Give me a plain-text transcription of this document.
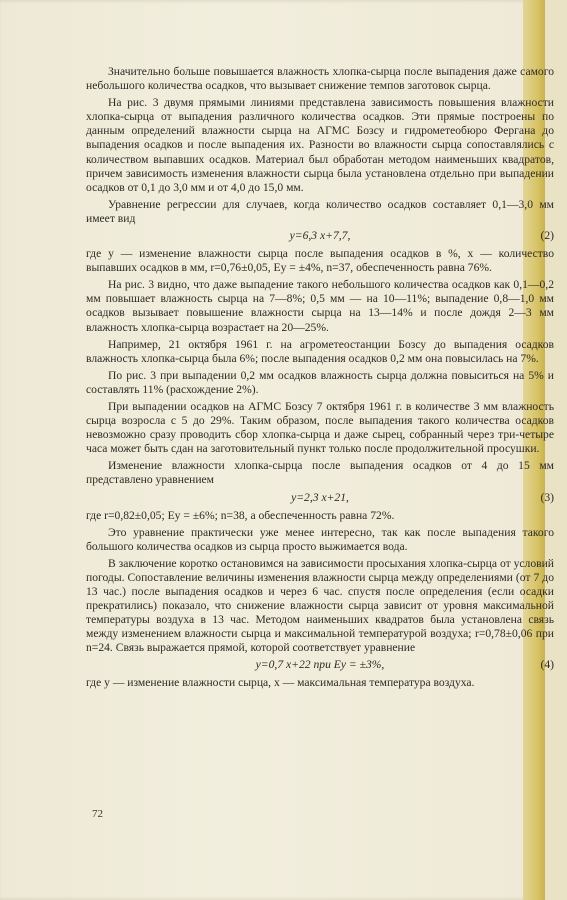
Значительно больше повышается влажность хлопка-сырца после выпадения даже самого небольшого количества осадков, что вызывает снижение темпов заготовок сырца.

На рис. 3 двумя прямыми линиями представлена зависимость повышения влажности хлопка-сырца от выпадения различного количества осадков. Эти прямые построены по данным определений влажности сырца на АГМС Бозсу и гидрометеобюро Фергана до выпадения осадков и после выпадения их. Разности во влажности сырца сопоставлялись с количеством выпавших осадков. Материал был обработан методом наименьших квадратов, причем зависимость изменения влажности сырца была установлена отдельно при выпадении осадков от 0,1 до 3,0 мм и от 4,0 до 15,0 мм.

Уравнение регрессии для случаев, когда количество осадков составляет 0,1—3,0 мм имеет вид

y=6,3 x+7,7,	(2)

где y — изменение влажности сырца после выпадения осадков в %, x — количество выпавших осадков в мм, r=0,76±0,05, Ey = ±4%, n=37, обеспеченность равна 76%.

На рис. 3 видно, что даже выпадение такого небольшого количества осадков как 0,1—0,2 мм повышает влажность сырца на 7—8%; 0,5 мм — на 10—11%; выпадение 0,8—1,0 мм осадков вызывает повышение влажности сырца на 13—14% и после дождя 2—3 мм влажность хлопка-сырца возрастает на 20—25%.

Например, 21 октября 1961 г. на агрометеостанции Бозсу до выпадения осадков влажность хлопка-сырца была 6%; после выпадения осадков 0,2 мм она повысилась на 7%.

По рис. 3 при выпадении 0,2 мм осадков влажность сырца должна повыситься на 5% и составлять 11% (расхождение 2%).

При выпадении осадков на АГМС Бозсу 7 октября 1961 г. в количестве 3 мм влажность сырца возросла с 5 до 29%. Таким образом, после выпадения такого количества осадков невозможно сразу проводить сбор хлопка-сырца и даже сырец, собранный через три-четыре часа может быть сдан на заготовительный пункт только после продолжительной просушки.

Изменение влажности хлопка-сырца после выпадения осадков от 4 до 15 мм представлено уравнением

y=2,3 x+21,	(3)

где r=0,82±0,05; Ey = ±6%; n=38, а обеспеченность равна 72%.

Это уравнение практически уже менее интересно, так как после выпадения такого большого количества осадков из сырца просто выжимается вода.

В заключение коротко остановимся на зависимости просыхания хлопка-сырца от условий погоды. Сопоставление величины изменения влажности сырца между определениями (от 7 до 13 час.) после выпадения осадков и через 6 час. спустя после определения (если осадки прекратились) показало, что снижение влажности сырца зависит от уровня максимальной температуры воздуха в 13 час. Методом наименьших квадратов была установлена связь между изменением влажности сырца и максимальной температурой воздуха; r=0,78±0,06 при n=24. Связь выражается прямой, которой соответствует уравнение

y=0,7 x+22 при Ey = ±3%,	(4)

где y — изменение влажности сырца, x — максимальная температура воздуха.

72
